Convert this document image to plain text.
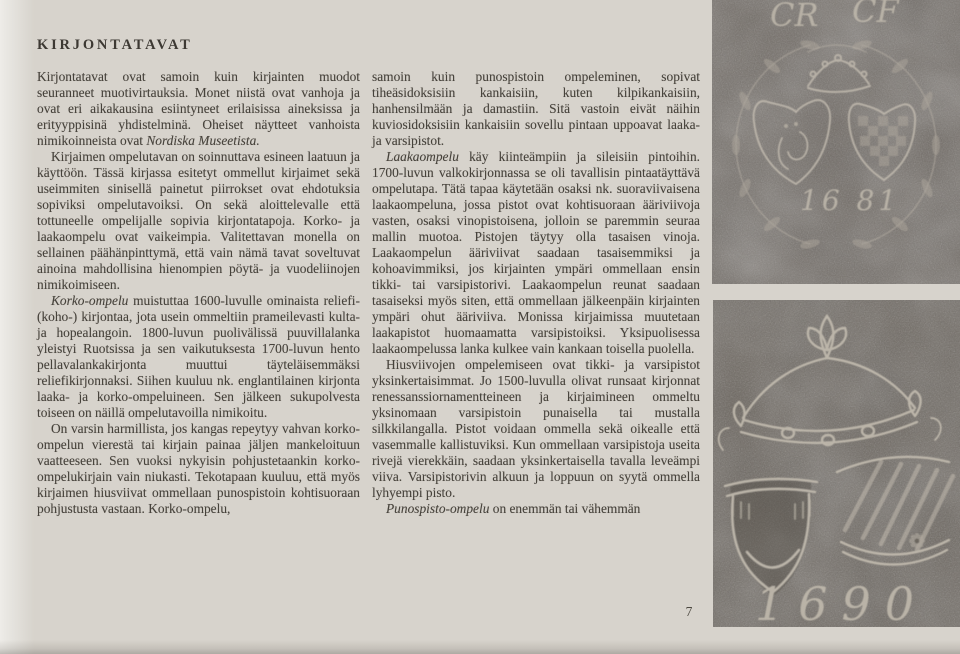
KIRJONTATAVAT

Kirjontatavat ovat samoin kuin kirjainten muodot seuranneet muotivirtauksia. Monet niistä ovat vanhoja ja ovat eri aikakausina esiintyneet erilaisissa aineksissa ja erityyppisinä yhdistelminä. Oheiset näytteet vanhoista nimikoinneista ovat Nordiska Museetista.

Kirjaimen ompelutavan on soinnuttava esineen laatuun ja käyttöön. Tässä kirjassa esitetyt ommellut kirjaimet sekä useimmiten sinisellä painetut piirrokset ovat ehdotuksia sopiviksi ompelutavoiksi. On sekä aloittelevalle että tottuneelle ompelijalle sopivia kirjontatapoja. Korko- ja laakaompelu ovat vaikeimpia. Valitettavan monella on sellainen päähänpinttymä, että vain nämä tavat soveltuvat ainoina mahdollisina hienompien pöytä- ja vuodeliinojen nimikoimiseen.

Korko-ompelu muistuttaa 1600-luvulle ominaista reliefi- (koho-) kirjontaa, jota usein ommeltiin prameilevasti kulta- ja hopealangoin. 1800-luvun puolivälissä puuvillalanka yleistyi Ruotsissa ja sen vaikutuksesta 1700-luvun hento pellavalankakirjonta muuttui täyteläisemmäksi reliefikirjonnaksi. Siihen kuuluu nk. englantilainen kirjonta laaka- ja korko-ompeluineen. Sen jälkeen sukupolvesta toiseen on näillä ompelutavoilla nimikoitu.

On varsin harmillista, jos kangas repeytyy vahvan korko-ompelun vierestä tai kirjain painaa jäljen mankeloituun vaatteeseen. Sen vuoksi nykyisin pohjustetaankin korko-ompelukirjain vain niukasti. Tekotapaan kuuluu, että myös kirjaimen hiusviivat ommellaan punospistoin kohtisuoraan pohjustusta vastaan. Korko-ompelu,

samoin kuin punospistoin ompeleminen, sopivat tiheäsidoksisiin kankaisiin, kuten kilpikankaisiin, hanhensilmään ja damastiin. Sitä vastoin eivät näihin kuviosidoksisiin kankaisiin sovellu pintaan uppoavat laaka- ja varsipistot.

Laakaompelu käy kiinteämpiin ja sileisiin pintoihin. 1700-luvun valkokirjonnassa se oli tavallisin pintaatäyttävä ompelutapa. Tätä tapaa käytetään osaksi nk. suoraviivaisena laakaompeluna, jossa pistot ovat kohtisuoraan ääriviivoja vasten, osaksi vinopistoisena, jolloin se paremmin seuraa mallin muotoa. Pistojen täytyy olla tasaisen vinoja. Laakaompelun ääriviivat saadaan tasaisemmiksi ja kohoavimmiksi, jos kirjainten ympäri ommellaan ensin tikki- tai varsipistorivi. Laakaompelun reunat saadaan tasaiseksi myös siten, että ommellaan jälkeenpäin kirjainten ympäri ohut ääriviiva. Monissa kirjaimissa muutetaan laakapistot huomaamatta varsipistoiksi. Yksipuolisessa laakaompelussa lanka kulkee vain kankaan toisella puolella.

Hiusviivojen ompelemiseen ovat tikki- ja varsipistot yksinkertaisimmat. Jo 1500-luvulla olivat runsaat kirjonnat renessanssiornamentteineen ja kirjaimineen ommeltu yksinomaan varsipistoin punaisella tai mustalla silkkilangalla. Pistot voidaan ommella sekä oikealle että vasemmalle kallistuviksi. Kun ommellaan varsipistoja useita rivejä vierekkäin, saadaan yksinkertaisella tavalla leveämpi viiva. Varsipistorivin alkuun ja loppuun on syytä ommella lyhyempi pisto.

Punospisto-ompelu on enemmän tai vähemmän

CR CF
16 81
1690
7
